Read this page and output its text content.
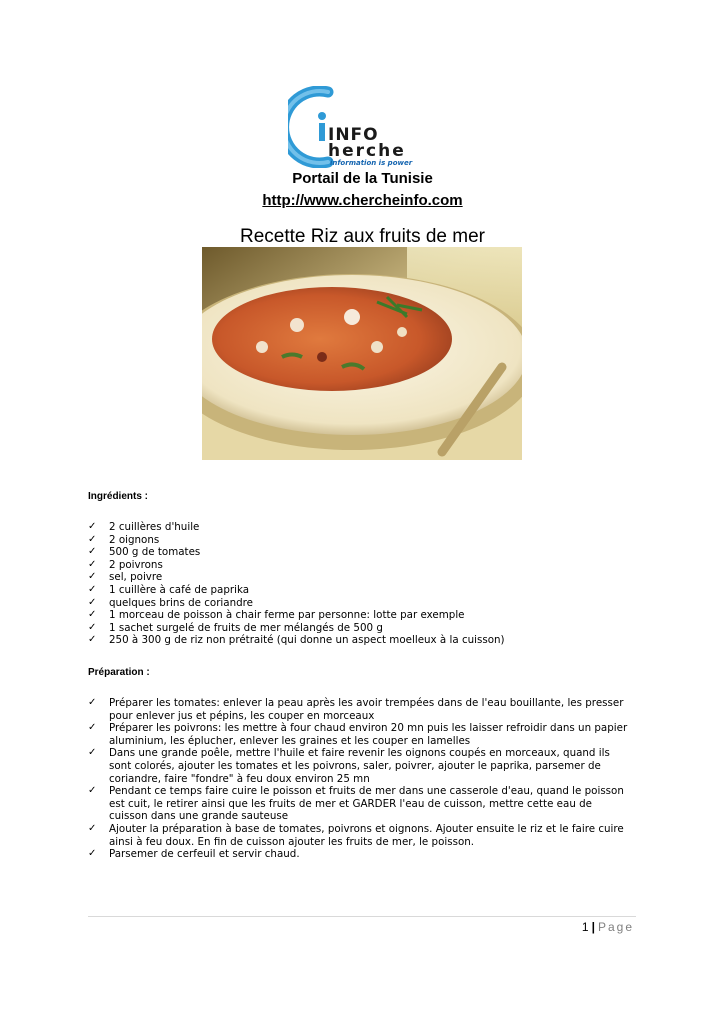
INFO
herche
information is power
Portail de la Tunisie
http://www.chercheinfo.com
Recette Riz aux fruits de mer
Ingrédients :
✓ 2 cuillères d'huile
✓ 2 oignons
✓ 500 g de tomates
✓ 2 poivrons
✓ sel, poivre
✓ 1 cuillère à café de paprika
✓ quelques brins de coriandre
✓ 1 morceau de poisson à chair ferme par personne: lotte par exemple
✓ 1 sachet surgelé de fruits de mer mélangés de 500 g
✓ 250 à 300 g de riz non prétraité (qui donne un aspect moelleux à la cuisson)
Préparation :
✓ Préparer les tomates: enlever la peau après les avoir trempées dans de l'eau bouillante, les presser pour enlever jus et pépins, les couper en morceaux
✓ Préparer les poivrons: les mettre à four chaud environ 20 mn puis les laisser refroidir dans un papier aluminium, les éplucher, enlever les graines et les couper en lamelles
✓ Dans une grande poêle, mettre l'huile et faire revenir les oignons coupés en morceaux, quand ils sont colorés, ajouter les tomates et les poivrons, saler, poivrer, ajouter le paprika, parsemer de coriandre, faire "fondre" à feu doux environ 25 mn
✓ Pendant ce temps faire cuire le poisson et fruits de mer dans une casserole d'eau, quand le poisson est cuit, le retirer ainsi que les fruits de mer et GARDER l'eau de cuisson, mettre cette eau de cuisson dans une grande sauteuse
✓ Ajouter la préparation à base de tomates, poivrons et oignons. Ajouter ensuite le riz et le faire cuire ainsi à feu doux. En fin de cuisson ajouter les fruits de mer, le poisson.
✓ Parsemer de cerfeuil et servir chaud.
1 | Page
